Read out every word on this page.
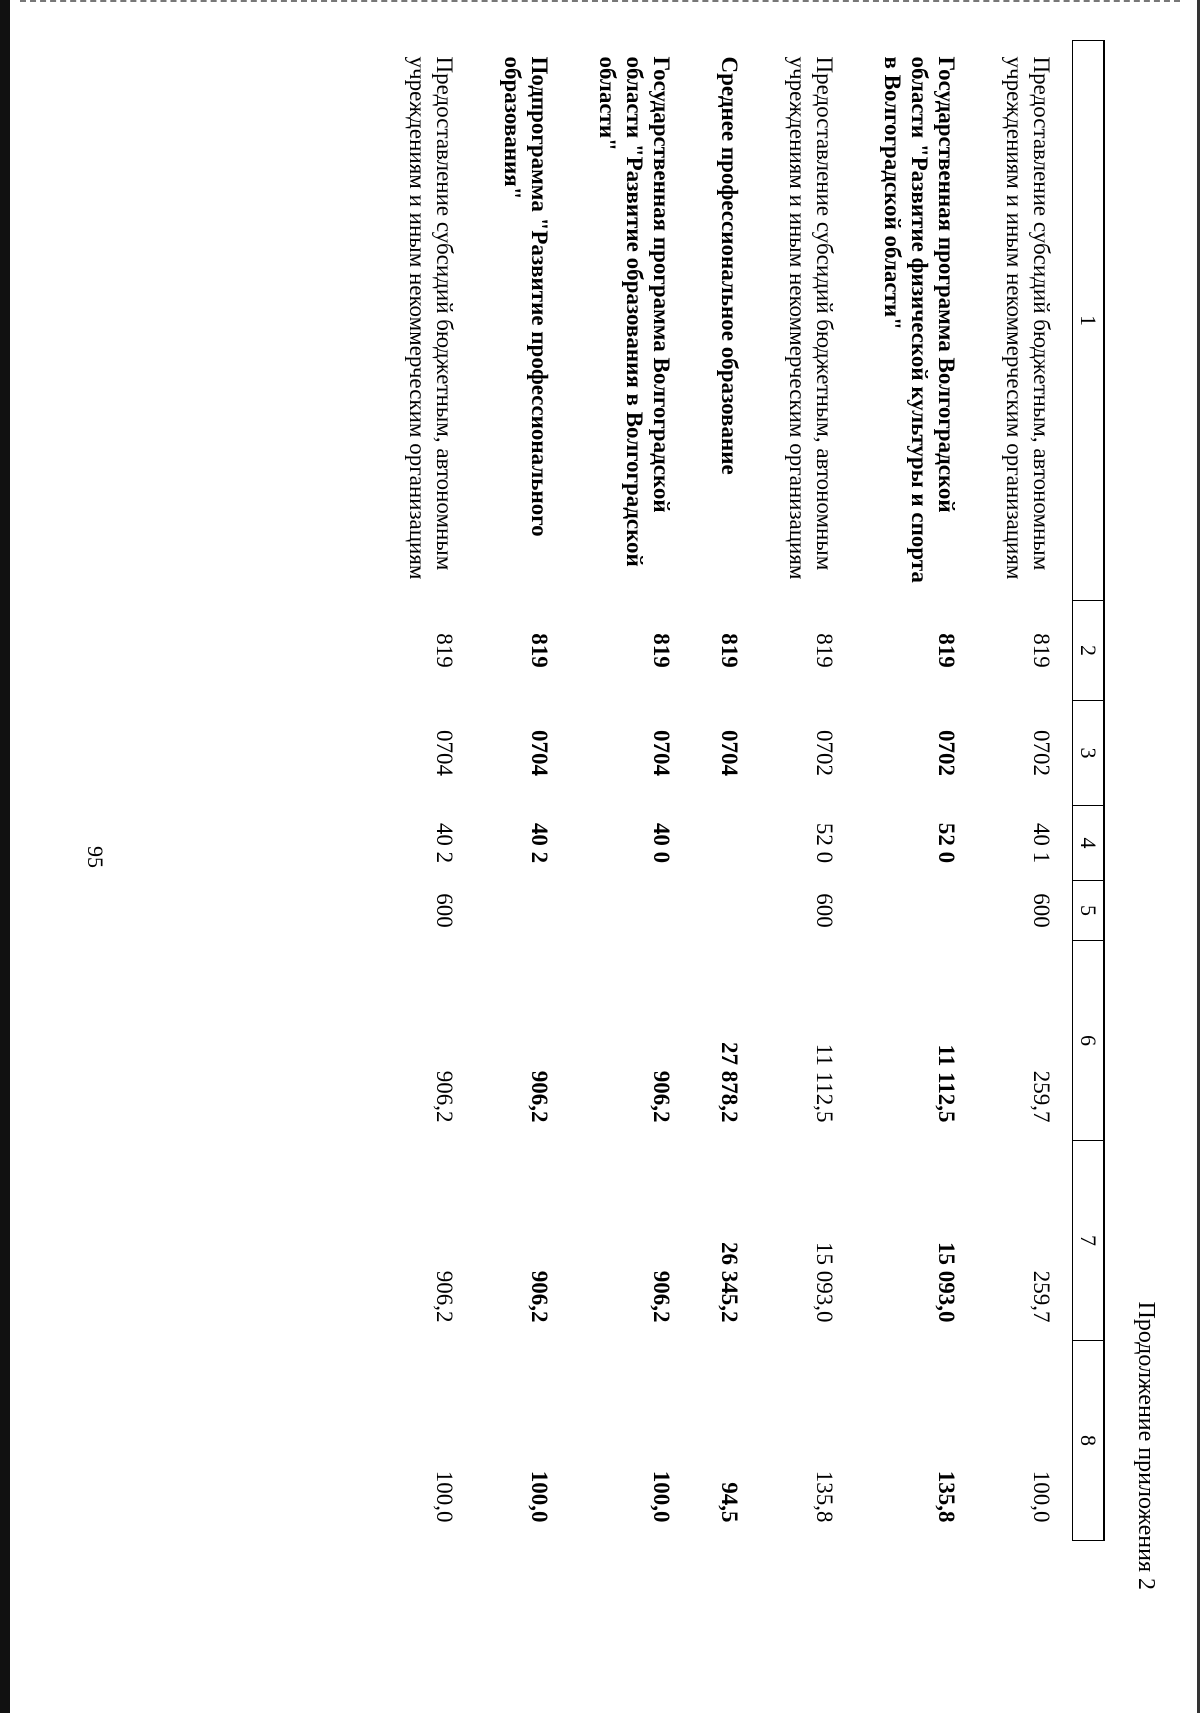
95
Продолжение приложения 2
1	2	3	4	5	6	7	8
Предоставление субсидий бюджетным, автономным учреждениям и иным некоммерческим организациям	819	0702	40 1	600	259,7	259,7	100,0
Государственная программа Волгоградской области "Развитие физической культуры и спорта в Волгоградской области"	819	0702	52 0		11 112,5	15 093,0	135,8
Предоставление субсидий бюджетным, автономным учреждениям и иным некоммерческим организациям	819	0702	52 0	600	11 112,5	15 093,0	135,8
Среднее профессиональное образование	819	0704			27 878,2	26 345,2	94,5
Государственная программа Волгоградской области "Развитие образования в Волгоградской области"	819	0704	40 0		906,2	906,2	100,0
Подпрограмма "Развитие профессионального образования"	819	0704	40 2		906,2	906,2	100,0
Предоставление субсидий бюджетным, автономным учреждениям и иным некоммерческим организациям	819	0704	40 2	600	906,2	906,2	100,0
